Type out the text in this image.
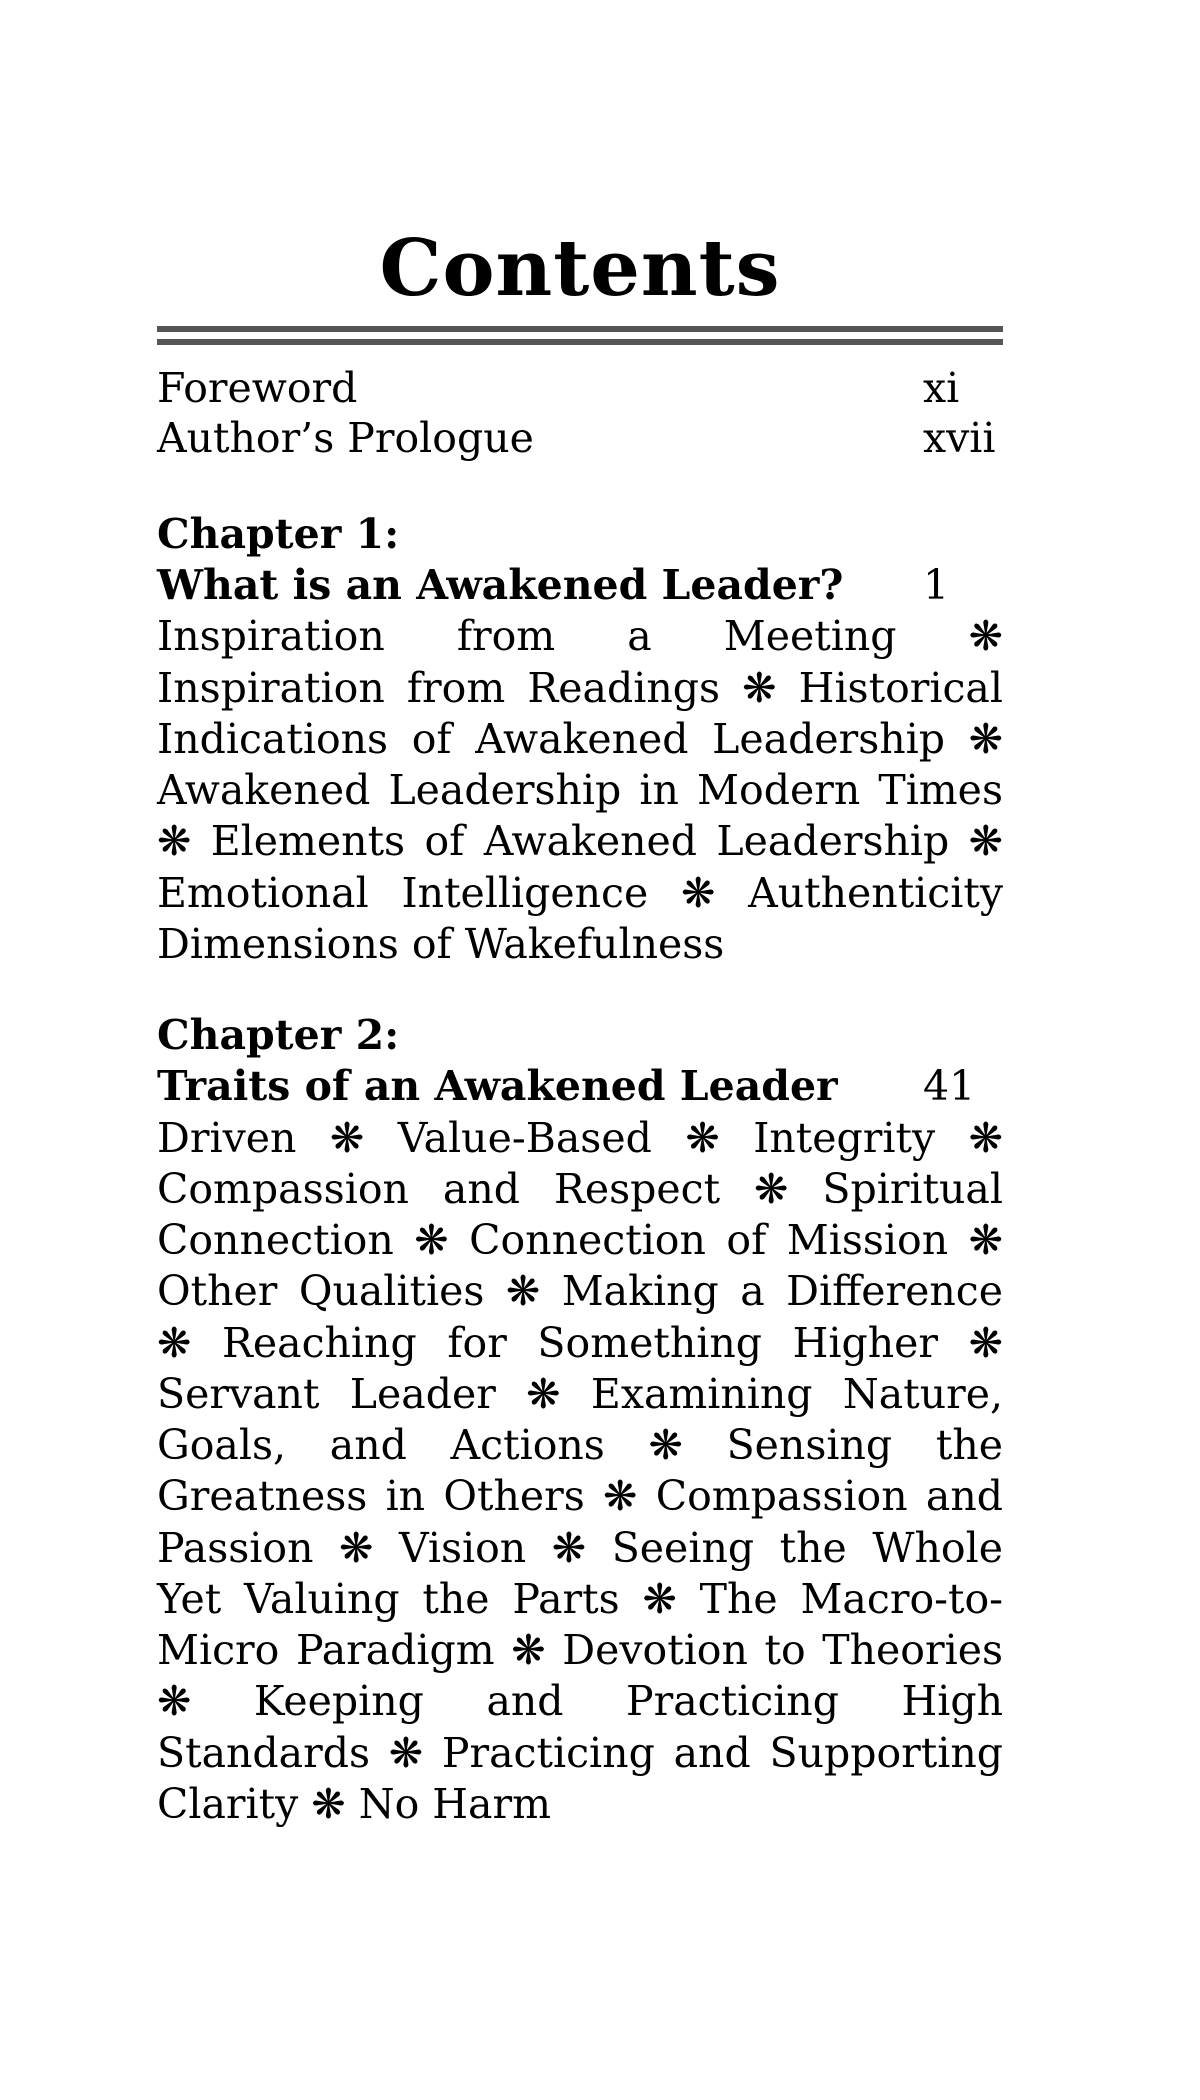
Contents
Foreword	xi
Author’s Prologue	xvii
Chapter 1:
What is an Awakened Leader?	1

Inspiration from a Meeting ❋ Inspiration from Readings ❋ Historical Indications of Awakened Leadership ❋ Awakened Leadership in Modern Times ❋ Elements of Awakened Leadership ❋ Emotional Intelligence ❋ Authenticity Dimensions of Wakefulness

Chapter 2:
Traits of an Awakened Leader	41

Driven ❋ Value-Based ❋ Integrity ❋ Compassion and Respect ❋ Spiritual Connection ❋ Connection of Mission ❋ Other Qualities ❋ Making a Difference ❋ Reaching for Something Higher ❋ Servant Leader ❋ Examining Nature, Goals, and Actions ❋ Sensing the Greatness in Others ❋ Compassion and Passion ❋ Vision ❋ Seeing the Whole Yet Valuing the Parts ❋ The Macro-to-Micro Paradigm ❋ Devotion to Theories ❋ Keeping and Practicing High Standards ❋ Practicing and Supporting Clarity ❋ No Harm
